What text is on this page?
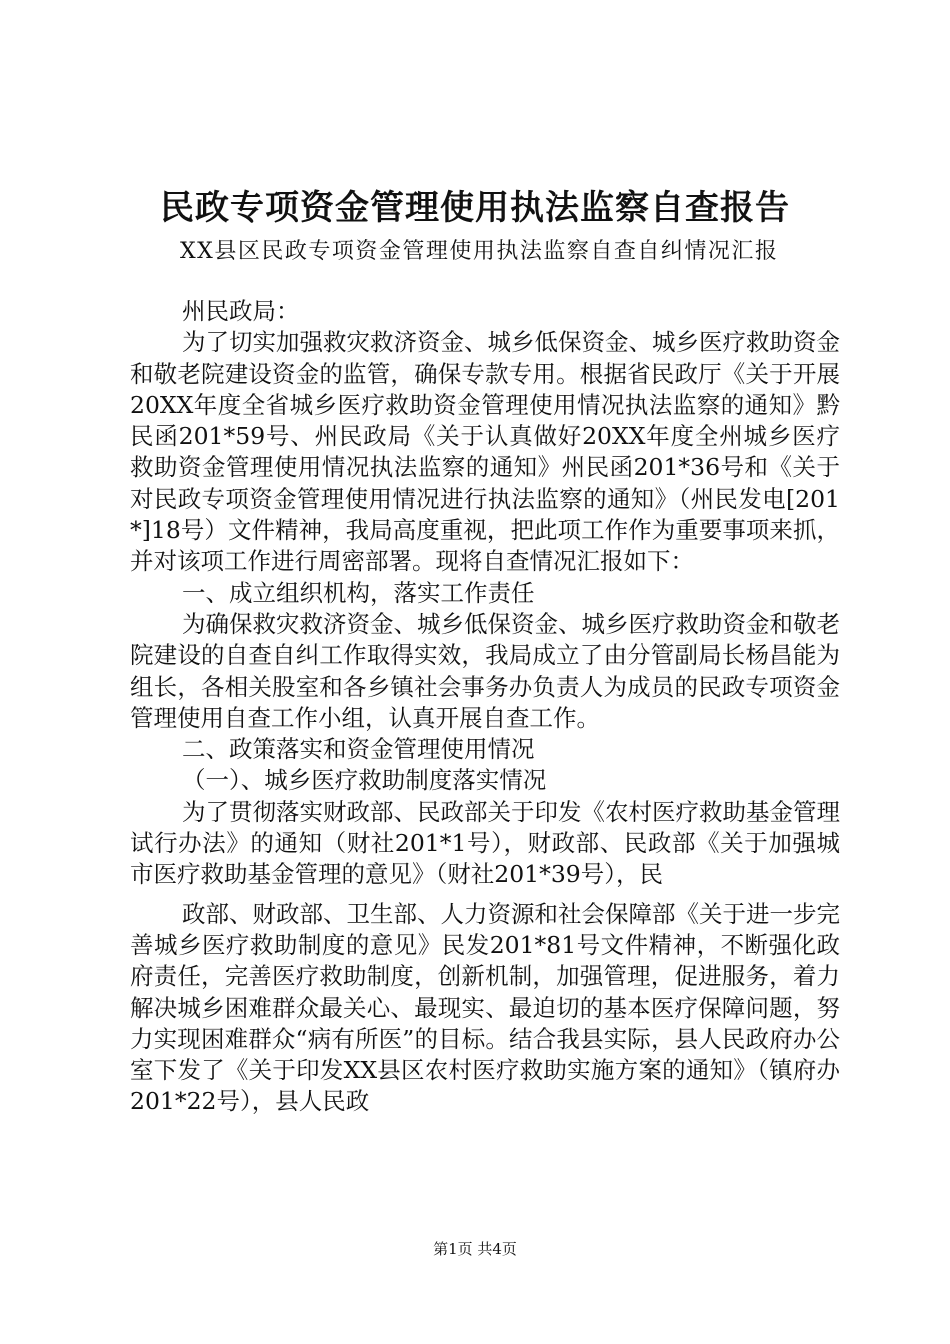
民政专项资金管理使用执法监察自查报告
XX县区民政专项资金管理使用执法监察自查自纠情况汇报

州民政局：

为了切实加强救灾救济资金、城乡低保资金、城乡医疗救助资金和敬老院建设资金的监管，确保专款专用。根据省民政厅《关于开展20XX年度全省城乡医疗救助资金管理使用情况执法监察的通知》黔民函201*59号、州民政局《关于认真做好20XX年度全州城乡医疗救助资金管理使用情况执法监察的通知》州民函201*36号和《关于对民政专项资金管理使用情况进行执法监察的通知》（州民发电[201*]18号）文件精神，我局高度重视，把此项工作作为重要事项来抓，并对该项工作进行周密部署。现将自查情况汇报如下：

一、成立组织机构，落实工作责任

为确保救灾救济资金、城乡低保资金、城乡医疗救助资金和敬老院建设的自查自纠工作取得实效，我局成立了由分管副局长杨昌能为组长，各相关股室和各乡镇社会事务办负责人为成员的民政专项资金管理使用自查工作小组，认真开展自查工作。

二、政策落实和资金管理使用情况

（一）、城乡医疗救助制度落实情况

为了贯彻落实财政部、民政部关于印发《农村医疗救助基金管理试行办法》的通知（财社201*1号），财政部、民政部《关于加强城市医疗救助基金管理的意见》（财社201*39号），民

政部、财政部、卫生部、人力资源和社会保障部《关于进一步完善城乡医疗救助制度的意见》民发201*81号文件精神，不断强化政府责任，完善医疗救助制度，创新机制，加强管理，促进服务，着力解决城乡困难群众最关心、最现实、最迫切的基本医疗保障问题，努力实现困难群众“病有所医”的目标。结合我县实际，县人民政府办公室下发了《关于印发XX县区农村医疗救助实施方案的通知》（镇府办201*22号），县人民政

第1页 共4页
